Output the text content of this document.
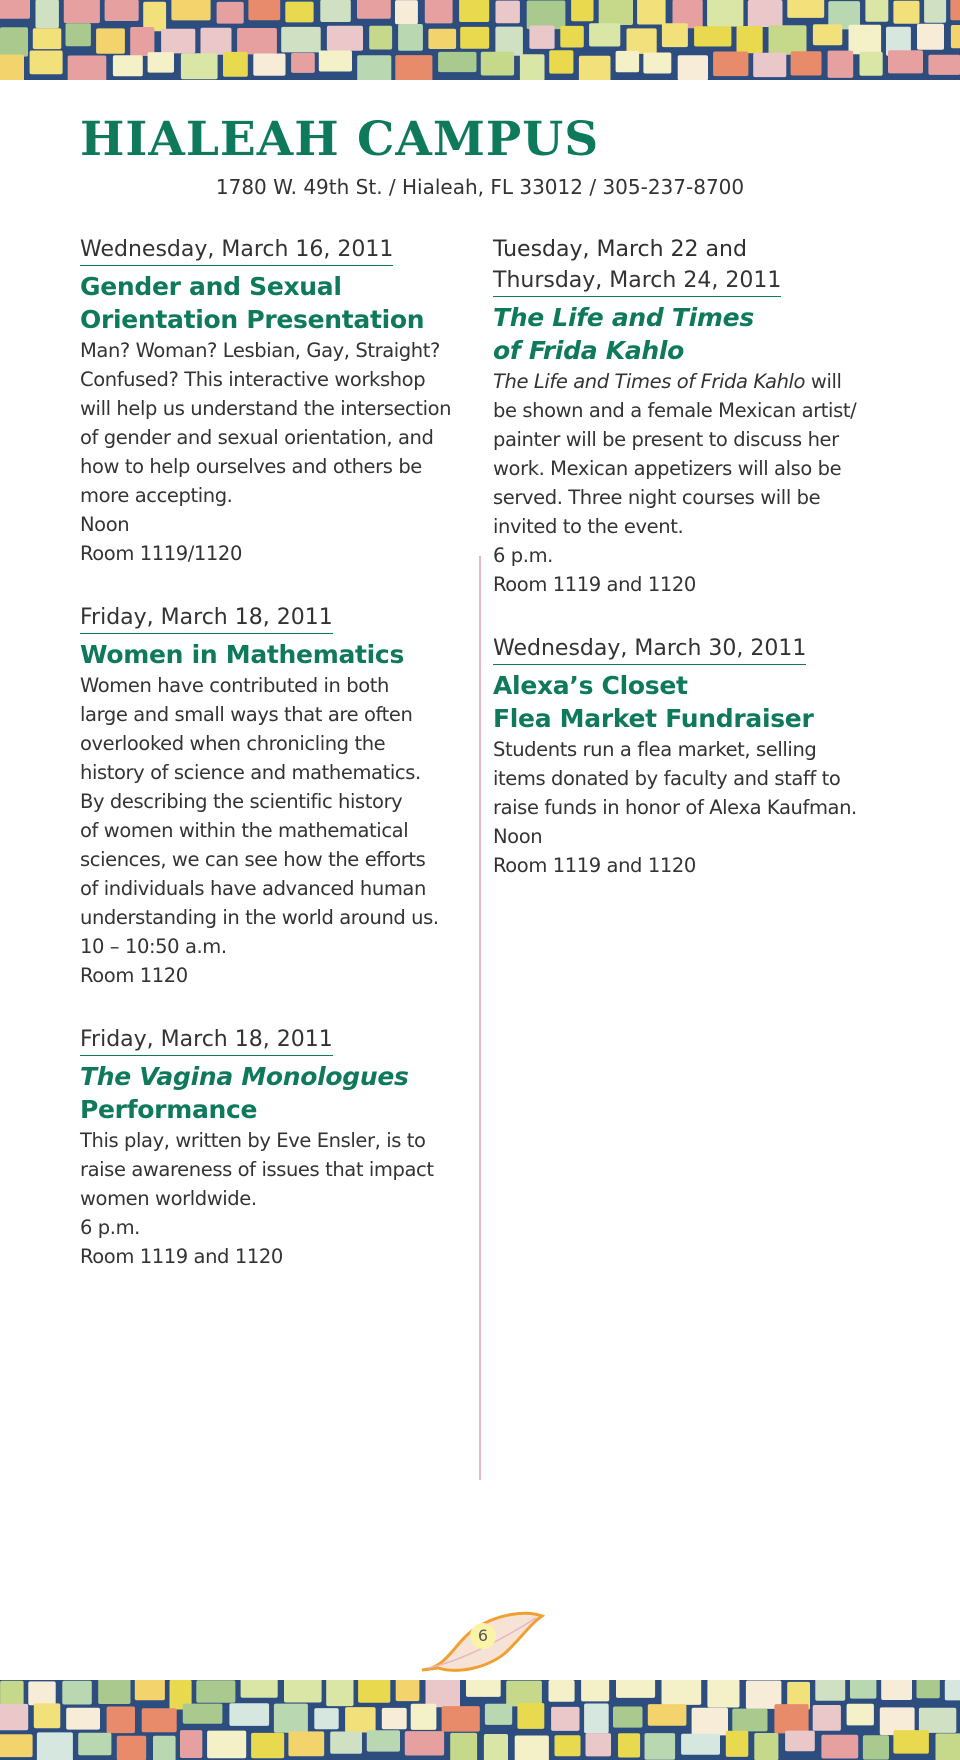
HIALEAH CAMPUS
1780 W. 49th St. / Hialeah, FL 33012 / 305-237-8700
Wednesday, March 16, 2011
Gender and Sexual
Orientation Presentation

Man? Woman? Lesbian, Gay, Straight?
Confused? This interactive workshop
will help us understand the intersection
of gender and sexual orientation, and
how to help ourselves and others be
more accepting.

Noon

Room 1119/1120

Friday, March 18, 2011
Women in Mathematics

Women have contributed in both
large and small ways that are often
overlooked when chronicling the
history of science and mathematics.
By describing the scientific history
of women within the mathematical
sciences, we can see how the efforts
of individuals have advanced human
understanding in the world around us.

10 – 10:50 a.m.

Room 1120

Friday, March 18, 2011
The Vagina Monologues
Performance

This play, written by Eve Ensler, is to
raise awareness of issues that impact
women worldwide.

6 p.m.

Room 1119 and 1120

Tuesday, March 22 and
Thursday, March 24, 2011
The Life and Times
of Frida Kahlo

The Life and Times of Frida Kahlo will
be shown and a female Mexican artist/
painter will be present to discuss her
work. Mexican appetizers will also be
served. Three night courses will be
invited to the event.

6 p.m.

Room 1119 and 1120

Wednesday, March 30, 2011
Alexa’s Closet
Flea Market Fundraiser

Students run a flea market, selling
items donated by faculty and staff to
raise funds in honor of Alexa Kaufman.

Noon

Room 1119 and 1120

6
